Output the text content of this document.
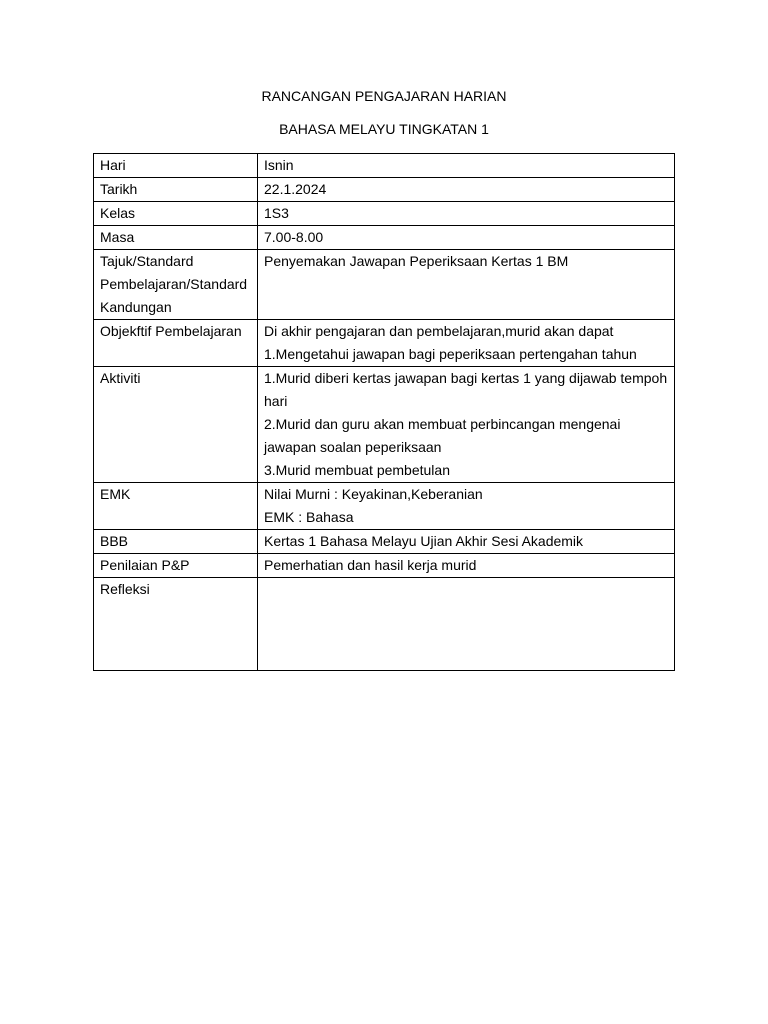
RANCANGAN PENGAJARAN HARIAN
BAHASA MELAYU TINGKATAN 1
Hari	Isnin

Tarikh	22.1.2024

Kelas	1S3

Masa	7.00-8.00

Tajuk/Standard
Pembelajaran/Standard
Kandungan	Penyemakan Jawapan Peperiksaan Kertas 1 BM

Objekftif Pembelajaran	Di akhir pengajaran dan pembelajaran,murid akan dapat
1.Mengetahui jawapan bagi peperiksaan pertengahan tahun

Aktiviti	1.Murid diberi kertas jawapan bagi kertas 1 yang dijawab tempoh hari
2.Murid dan guru akan membuat perbincangan mengenai jawapan soalan peperiksaan
3.Murid membuat pembetulan

EMK	Nilai Murni : Keyakinan,Keberanian
EMK : Bahasa

BBB	Kertas 1 Bahasa Melayu Ujian Akhir Sesi Akademik

Penilaian P&P	Pemerhatian dan hasil kerja murid

Refleksi	
